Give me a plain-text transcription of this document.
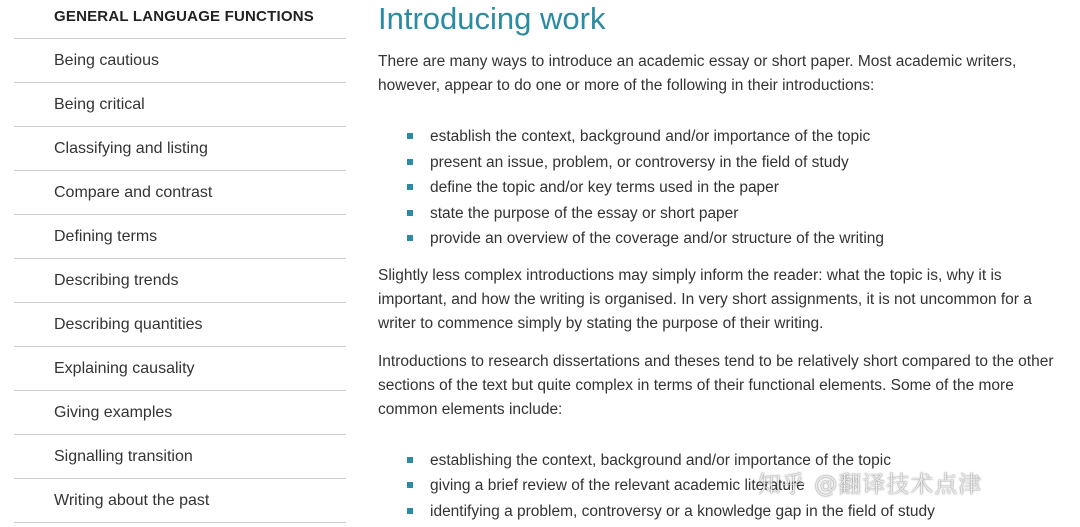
GENERAL LANGUAGE FUNCTIONS
Being cautious
Being critical
Classifying and listing
Compare and contrast
Defining terms
Describing trends
Describing quantities
Explaining causality
Giving examples
Signalling transition
Writing about the past
Introducing work

There are many ways to introduce an academic essay or short paper. Most academic writers, however, appear to do one or more of the following in their introductions:

establish the context, background and/or importance of the topic
present an issue, problem, or controversy in the field of study
define the topic and/or key terms used in the paper
state the purpose of the essay or short paper
provide an overview of the coverage and/or structure of the writing

Slightly less complex introductions may simply inform the reader: what the topic is, why it is important, and how the writing is organised. In very short assignments, it is not uncommon for a writer to commence simply by stating the purpose of their writing.

Introductions to research dissertations and theses tend to be relatively short compared to the other sections of the text but quite complex in terms of their functional elements. Some of the more common elements include:

establishing the context, background and/or importance of the topic
giving a brief review of the relevant academic literature
identifying a problem, controversy or a knowledge gap in the field of study
知乎 @翻译技术点津
